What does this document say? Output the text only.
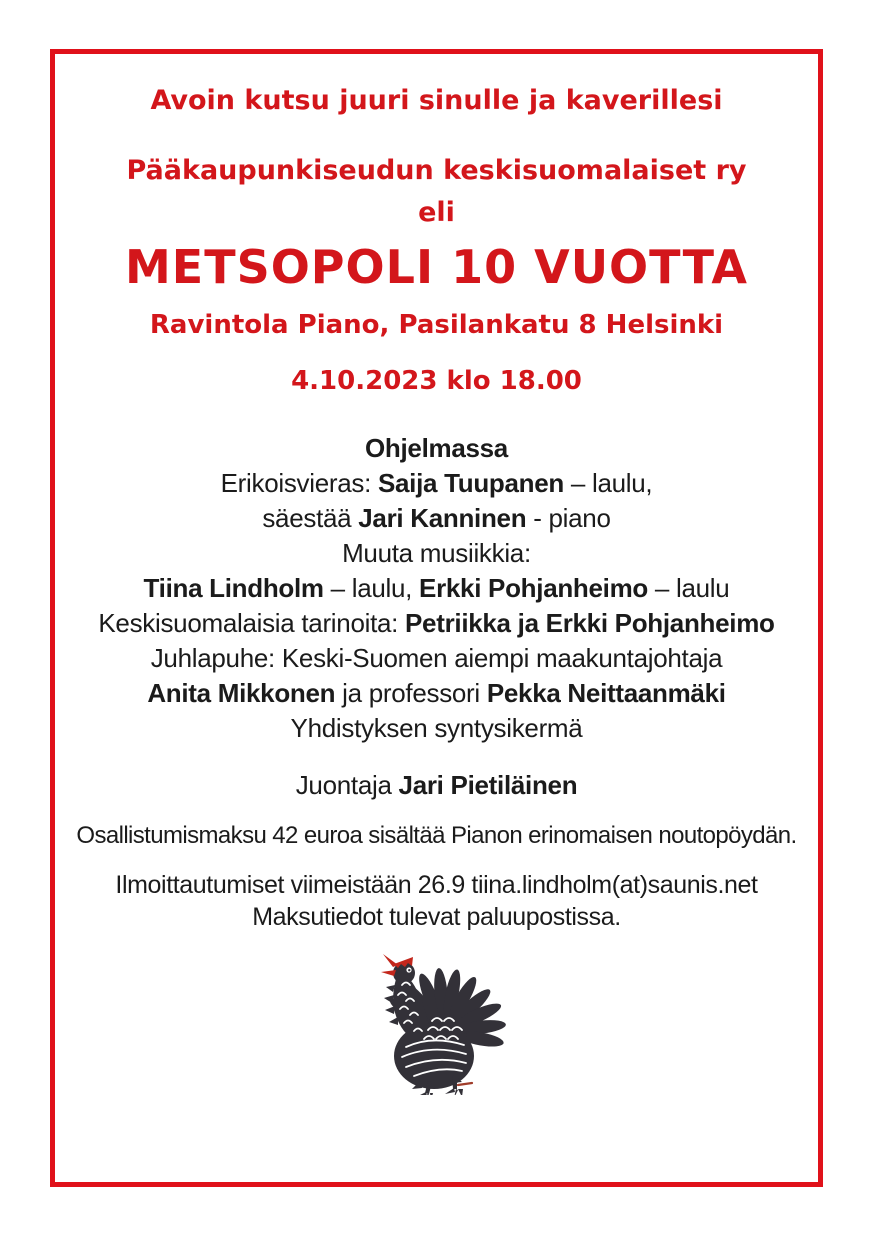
Avoin kutsu juuri sinulle ja kaverillesi
Pääkaupunkiseudun keskisuomalaiset ry
eli
METSOPOLI 10 VUOTTA
Ravintola Piano, Pasilankatu 8 Helsinki
4.10.2023 klo 18.00
Ohjelmassa
Erikoisvieras: Saija Tuupanen – laulu,
säestää Jari Kanninen - piano
Muuta musiikkia:
Tiina Lindholm – laulu, Erkki Pohjanheimo – laulu
Keskisuomalaisia tarinoita: Petriikka ja Erkki Pohjanheimo
Juhlapuhe: Keski-Suomen aiempi maakuntajohtaja
Anita Mikkonen ja professori Pekka Neittaanmäki
Yhdistyksen syntysikermä
Juontaja Jari Pietiläinen
Osallistumismaksu 42 euroa sisältää Pianon erinomaisen noutopöydän.
Ilmoittautumiset viimeistään 26.9 tiina.lindholm(at)saunis.net
Maksutiedot tulevat paluupostissa.
